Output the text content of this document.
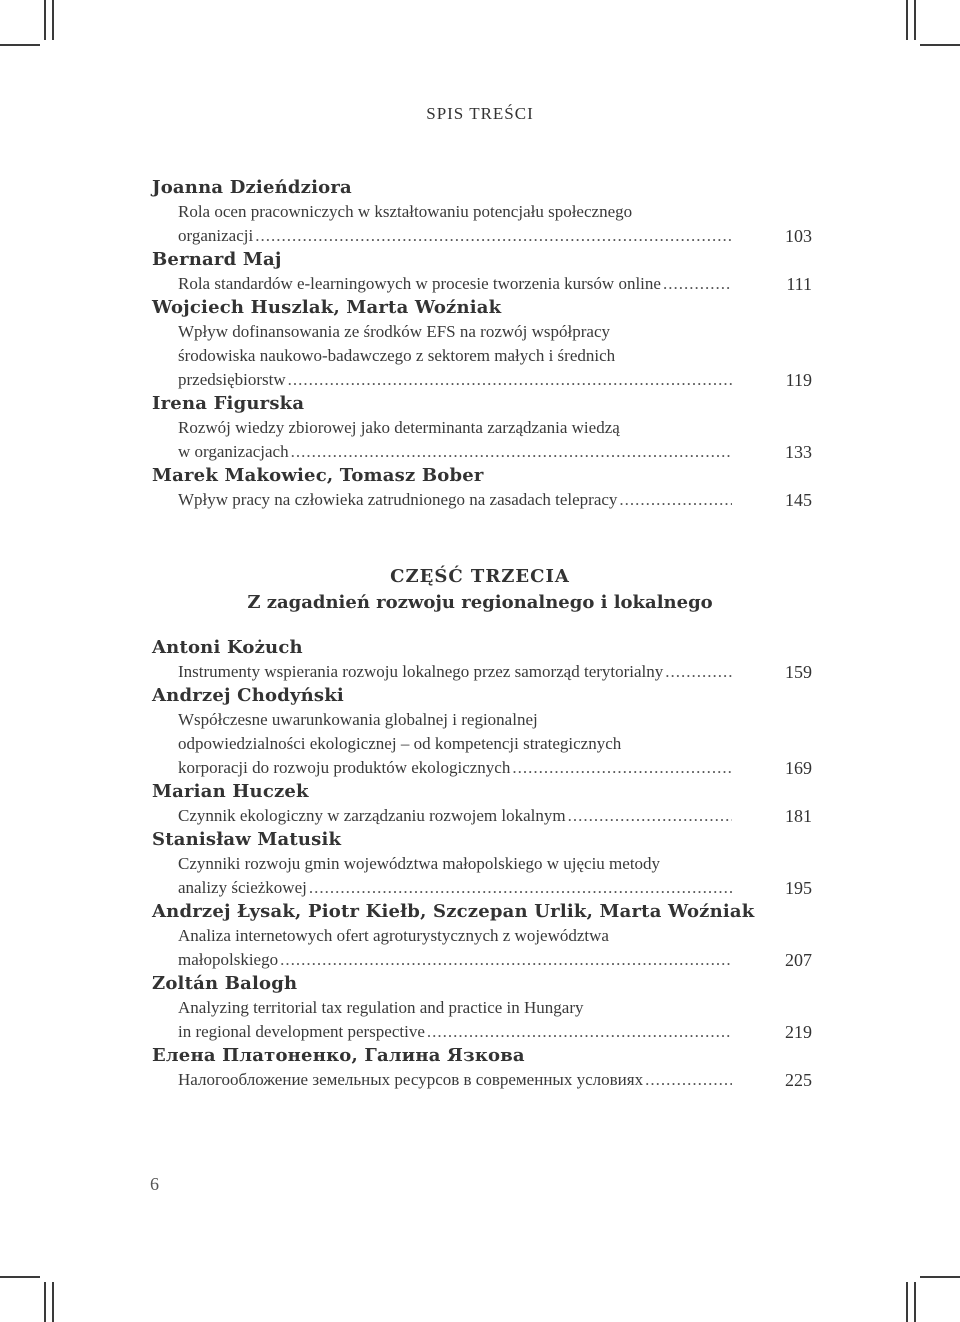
SPIS TREŚCI
Joanna Dzieńdziora
Rola ocen pracowniczych w kształtowaniu potencjału społecznego
organizacji .....	103
Bernard Maj
Rola standardów e-learningowych w procesie tworzenia kursów online .....	111
Wojciech Huszlak, Marta Woźniak
Wpływ dofinansowania ze środków EFS na rozwój współpracy
środowiska naukowo-badawczego z sektorem małych i średnich
przedsiębiorstw .....	119
Irena Figurska
Rozwój wiedzy zbiorowej jako determinanta zarządzania wiedzą
w organizacjach .....	133
Marek Makowiec, Tomasz Bober
Wpływ pracy na człowieka zatrudnionego na zasadach telepracy .....	145
CZĘŚĆ TRZECIA
Z zagadnień rozwoju regionalnego i lokalnego
Antoni Kożuch
Instrumenty wspierania rozwoju lokalnego przez samorząd terytorialny .....	159
Andrzej Chodyński
Współczesne uwarunkowania globalnej i regionalnej
odpowiedzialności ekologicznej – od kompetencji strategicznych
korporacji do rozwoju produktów ekologicznych .....	169
Marian Huczek
Czynnik ekologiczny w zarządzaniu rozwojem lokalnym .....	181
Stanisław Matusik
Czynniki rozwoju gmin województwa małopolskiego w ujęciu metody
analizy ścieżkowej .....	195
Andrzej Łysak, Piotr Kiełb, Szczepan Urlik, Marta Woźniak
Analiza internetowych ofert agroturystycznych z województwa
małopolskiego .....	207
Zoltán Balogh
Analyzing territorial tax regulation and practice in Hungary
in regional development perspective .....	219
Елена Платоненко, Галина Язкова
Налогообложение земельных ресурсов в современных условиях .....	225
6
